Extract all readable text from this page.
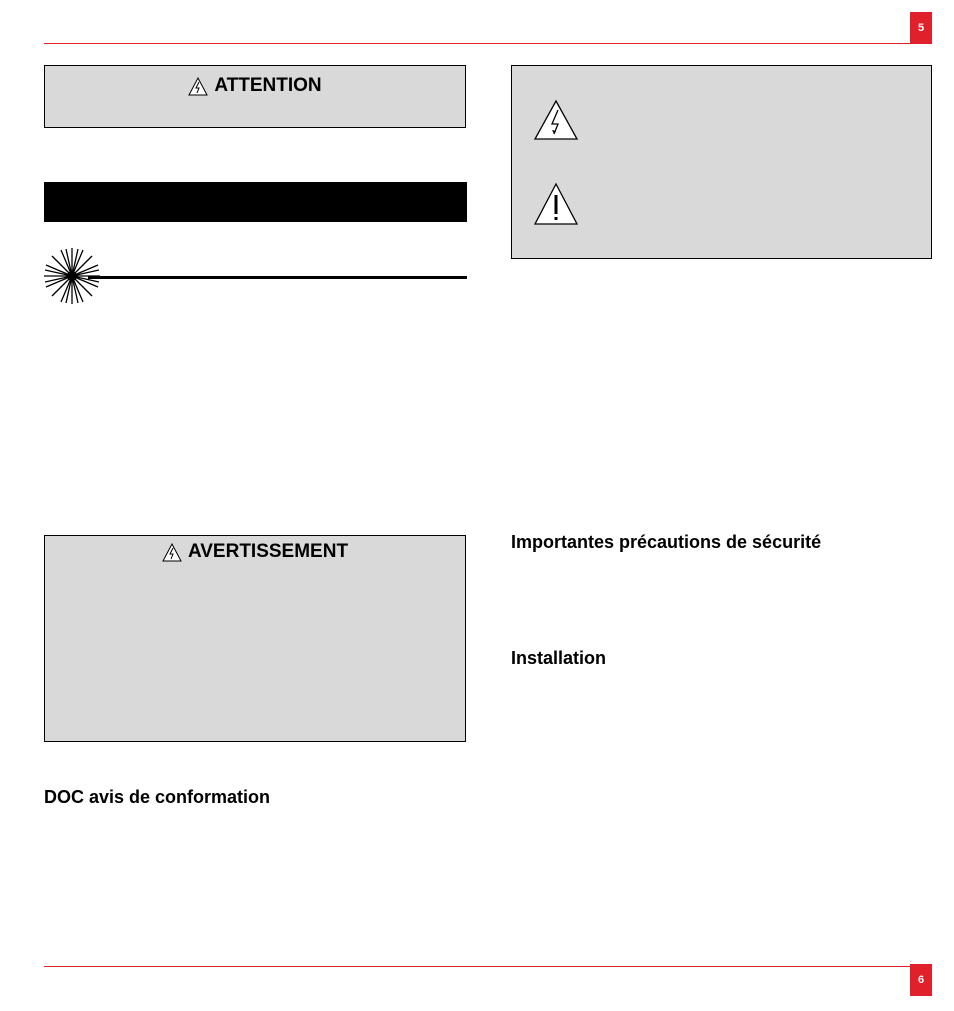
5
ATTENTION
AVERTISSEMENT
DOC avis de conformation
Importantes précautions de sécurité
Installation
6
